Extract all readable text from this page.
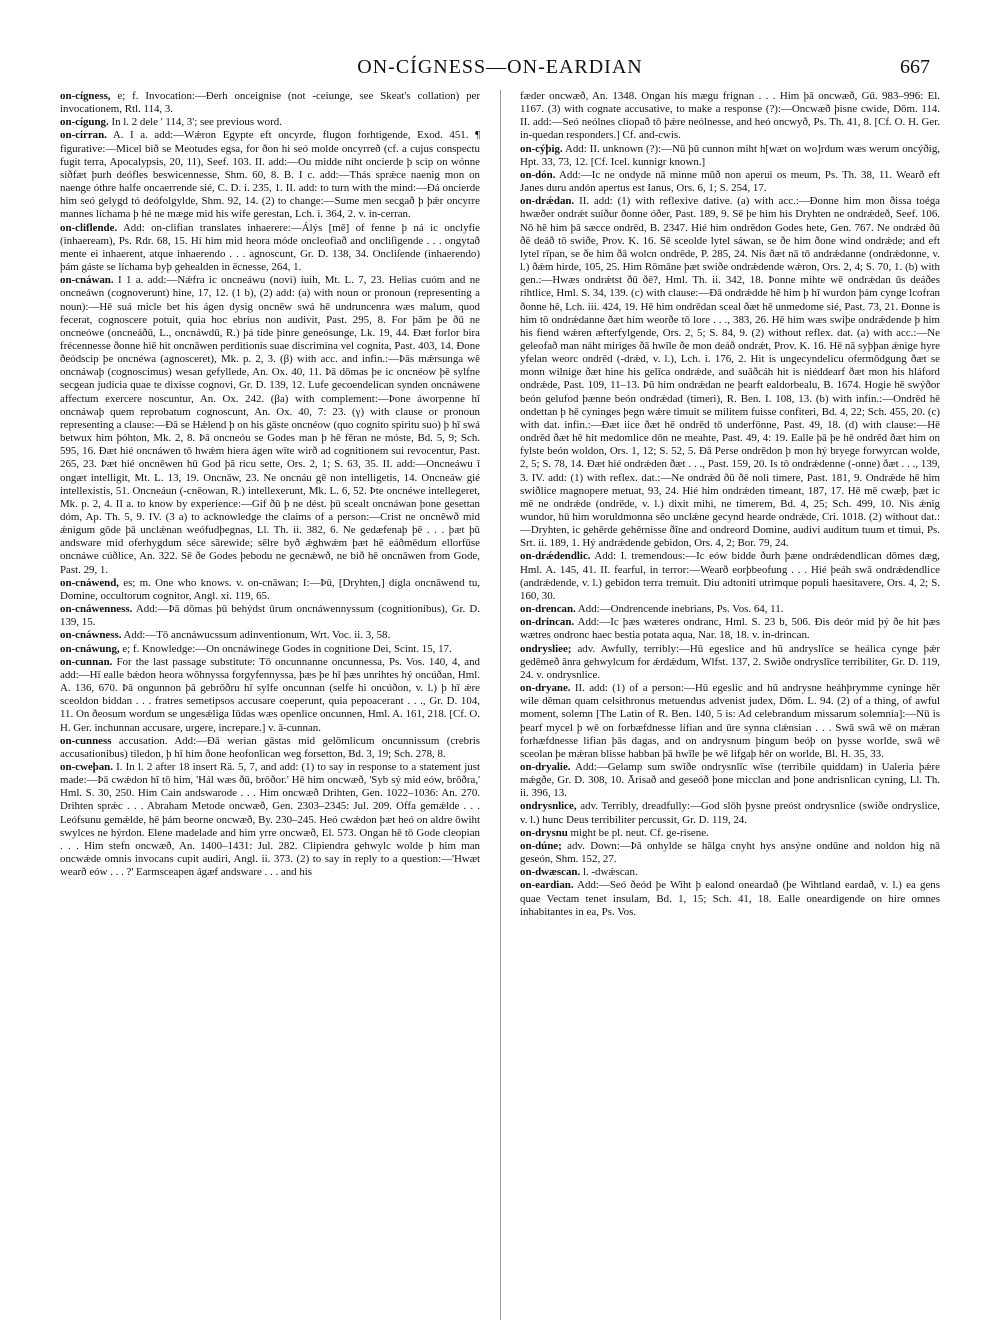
ON-CÍGNESS—ON-EARDIAN	667

on-cígness, e; f. Invocation:—Ðerh onceignise (not -ceiunge, see Skeat's collation) per invocationem, Rtl. 114, 3.

on-cígung. In l. 2 dele ' 114, 3'; see previous word.

on-cirran. A. I a. add:—Wǽron Egypte eft oncyrde, flugon forhtigende, Exod. 451. ¶ figurative:—Micel bið se Meotudes egsa, for ðon hi seó molde oncyrreð (cf. a cujus conspectu fugit terra, Apocalypsis, 20, 11), Seef. 103. II. add:—Ou midde niht oncierde þ scip on wónne síðfæt þurh deófles beswicennesse, Shm. 60, 8. B. I c. add:—Thás sprǽce naenig mon on naenge óthre halfe oncaerrende sié, C. D. i. 235, 1. II. add: to turn with the mind:—Ðá oncierde him seó gelygd tó deófolgylde, Shm. 92, 14. (2) to change:—Sume men secgað þ þǽr oncyrre mannes líchama þ hé ne mæge mid his wífe gerestan, Lch. i. 364, 2. v. in-cerran.

on-cliflende. Add: on-clifian translates inhaerere:—Álýs [mē] of fenne þ ná ic onclyfie (inhaeream), Ps. Rdr. 68, 15. Hí him mid heora móde oncleofiað and oncliſigende . . . ongytað mente ei inhaerent, atque inhaerendo . . . agnoscunt, Gr. D. 138, 34. Oncliſende (inhaerendo) þám gáste se líchama byþ gehealden in ēcnesse, 264, 1.

on-cnáwan. I 1 a. add:—Nǽfra ic oncneáwu (novi) iuih, Mt. L. 7, 23. Helias cuóm and ne oncneáwn (cognoverunt) hine, 17, 12. (1 b), (2) add: (a) with noun or pronoun (representing a noun):—Hē suá micle bet his ágen dysig oncnēw swá hē undruncenra wæs malum, quod fecerat, cognoscere potuit, quia hoc ebrius non audivit, Past. 295, 8. For þām þe ðū ne oncneówe (oncneáðū, L., oncnáwdū, R.) þá tíde þinre geneósunge, Lk. 19, 44. Ðæt forlor bira frécennesse ðonne hiē hit oncnāwen perditionis suae discrimina vel cognita, Past. 403, 14. Ðone ðeódscip þe oncnéwa (agnosceret), Mk. p. 2, 3. (β) with acc. and infin.:—Þās mǽrsunga wē oncnáwaþ (cognoscimus) wesan gefyllede, An. Ox. 40, 11. Þā dōmas þe ic oncnéow þē sylfne secgean judicia quae te dixisse cognovi, Gr. D. 139, 12. Lufe gecoendelican synden oncnáwene affectum exercere noscuntur, An. Ox. 242. (βa) with complement:—Þone áworpenne hī oncnáwaþ quem reprobatum cognoscunt, An. Ox. 40, 7: 23. (γ) with clause or pronoun representing a clause:—Ðā se Hǽlend þ on his gāste oncnéow (quo cognito spiritu suo) þ hī swá betwux him þóhton, Mk. 2, 8. Þā oncneóu se Godes man þ hē fēran ne móste, Bd. 5, 9; Sch. 595, 16. Ðæt hié oncnáwen tō hwǽm hiera ágen wīte wirð ad cognitionem sui revocentur, Past. 265, 23. Þæt hié oncnēwen hū God þā ricu sette, Ors. 2, 1; S. 63, 35. II. add:—Oncneáwu ī ongæt intelligit, Mt. L. 13, 19. Oncnāw, 23. Ne oncnáu gē non intelligetis, 14. Oncneáw gié intellexistis, 51. Oncneáun (-cnēowan, R.) intellexerunt, Mk. L. 6, 52. Þte oncnéwe intellegeret, Mk. p. 2, 4. II a. to know by experience:—Gif ðū þ ne dést. þū scealt oncnáwan þone gesettan dóm, Ap. Th. 5, 9. IV. (3 a) to acknowledge the claims of a person:—Crist ne oncnēwð mid ǽnigum gōde þā unclǽnan weófudþegnas, Ll. Th. ii. 382, 6. Ne gedæfenaþ þē . . . þæt þū andsware mid oferhygdum séce sārewide; sēlre byð ǽghwǽm þæt hē eáðmēdum ellorfūse oncnáwe cúðlice, An. 322. Sē ðe Godes þebodu ne gecnǽwð, ne bið hē oncnāwen from Gode, Past. 29, 1.

on-cnáwend, es; m. One who knows. v. on-cnāwan; I:—Þū, [Dryhten,] dígla oncnāwend tu, Domine, occultorum cognitor, Angl. xi. 119, 65.

on-cnáwenness. Add:—Þā dōmas þū behýdst ūrum oncnáwennyssum (cognitionibus), Gr. D. 139, 15.

on-cnáwness. Add:—Tō ancnáwucssum adinventionum, Wrt. Voc. ii. 3, 58.

on-cnáwung, e; f. Knowledge:—On oncnáwinege Godes in cognitione Dei, Scint. 15, 17.

on-cunnan. For the last passage substitute: Tō oncunnanne oncunnessa, Ps. Vos. 140, 4, and add:—Hī ealle bǽdon heora wōhnyssa forgyfennyssa, þæs þe hī þæs unrihtes hý oncúðan, Hml. A. 136, 670. Þā ongunnon þā gebrōðru hī sylfe oncunnan (selfe hi oncúðon, v. l.) þ hī ǽre sceoldon biddan . . . fratres semetipsos accusare coeperunt, quia pepoacerant . . ., Gr. D. 104, 11. On ðeosum wordum se ungesǽliga Iūdas wæs openlice oncunnen, Hml. A. 161, 218. [Cf. O. H. Ger. inchunnan accusare, urgere, increpare.] v. ā-cunnan.

on-cunness accusation. Add:—Ðā werian gāstas mid gelōmlicum oncunnissum (crebris accusationibus) tiledon, þ hī him ðone heofonlican weg forsetton, Bd. 3, 19; Sch. 278, 8.

on-cweþan. I. In l. 2 after 18 insert Rä. 5, 7, and add: (1) to say in response to a statement just made:—Þā cwǽdon hī tō him, 'Hál wæs ðū, brōðor.' Hē him oncwæð, 'Syb sý mid eów, brōðra,' Hml. S. 30, 250. Him Cain andswarode . . . Him oncwæð Drihten, Gen. 1022–1036: An. 270. Drihten sprǽc . . . Abraham Metode oncwæð, Gen. 2303–2345: Jul. 209. Offa gemǽlde . . . Leófsunu gemǽlde, hē þám beorne oncwæð, By. 230–245. Heó cwǽdon þæt heó on aldre ōwiht swylces ne hýrdon. Elene madelade and him yrre oncwæð, El. 573. Ongan hē tō Gode cleopian . . . Him stefn oncwæð, An. 1400–1431: Jul. 282. Clipiendra gehwylc wolde þ him man oncwǽde omnis invocans cupit audiri, Angl. ii. 373. (2) to say in reply to a question:—'Hwæt wearð eów . . . ?' Earmsceapen ágæf andsware . . . and his

fæder oncwæð, An. 1348. Ongan his mægu frignan . . . Him þā oncwæð, Gū. 983–996: El. 1167. (3) with cognate accusative, to make a response (?):—Oncwæð þisne cwide, Dōm. 114. II. add:—Seó neólnes cliopað tō þǽre neólnesse, and heó oncwyð, Ps. Th. 41, 8. [Cf. O. H. Ger. in-quedan responders.] Cf. and-cwis.

on-cýþig. Add: II. unknown (?):—Nū þū cunnon miht h[wæt on wo]rdum wæs werum oncýðig, Hpt. 33, 73, 12. [Cf. Icel. kunnigr known.]

on-dón. Add:—Ic ne ondyde nā minne mūð non aperui os meum, Ps. Th. 38, 11. Wearð eft Janes duru andón apertus est Ianus, Ors. 6, 1; S. 254, 17.

on-drǽdan. II. add: (1) with reflexive dative. (a) with acc.:—Ðonne him mon ðissa toéga hwæðer ondrǽt suíður ðonne óðer, Past. 189, 9. Sē þe him his Dryhten ne ondrǽdeð, Seef. 106. Nō hē him þā sæcce ondrēd, B. 2347. Hié him ondrēdon Godes hete, Gen. 767. Ne ondrǽd ðū ðē deáð tō swiðe, Prov. K. 16. Sē sceolde lytel sáwan, se ðe him ðone wind ondrǽde; and eft lytel rīpan, se ðe him ðā wolcn ondrēde, P. 285, 24. Nis ðæt nā tō andrǽdanne (ondrǽdonne, v. l.) ðǽm hirde, 105, 25. Him Rōmāne þæt swiðe ondrǽdende wǽron, Ors. 2, 4; S. 70, 1. (b) with gen.:—Hwæs ondrǽtst ðū ðē?, Hml. Th. ii. 342, 18. Þonne mihte wē ondrǽdan ūs deáðes rihtlice, Hml. S. 34, 139. (c) with clause:—Ðā ondrǽdde hē him þ hī wurdon þám cynge lcofran ðonne hē, Lch. iii. 424, 19. Hē him ondrēdan sceal ðæt hē unmedome sié, Past. 73, 21. Ðonne is him tō ondrǽdanne ðæt him weorðe tō lore . . ., 383, 26. Hē him wæs swiþe ondrǽdende þ him his fiend wǽren æfterfylgende, Ors. 2, 5; S. 84, 9. (2) without reflex. dat. (a) with acc.:—Ne geleofað man náht miriges ðā hwīle ðe mon deáð ondrǽt, Prov. K. 16. Hē nā syþþan ǽnige hyre yfelan weorc ondrēd (-drǽd, v. l.), Lch. i. 176, 2. Hit is ungecyndelicu ofermōdgung ðæt se monn wilnige ðæt hine his gelīca ondrǽde, and suāðcáh hit is niéddearf ðæt mon his hláford ondrǽde, Past. 109, 11–13. Þū him ondrǽdan ne þearft ealdorbealu, B. 1674. Hogie hē swýðor beón gelufod þænne beón ondrǽdad (timeri), R. Ben. I. 108, 13. (b) with infin.:—Ondrēd hē ondettan þ hē cyninges þegn wǽre timuit se militem fuisse confiteri, Bd. 4, 22; Sch. 455, 20. (c) with dat. infin.:—Ðæt iice ðæt hē ondrēd tō underfōnne, Past. 49, 18. (d) with clause:—Hē ondrēd ðæt hē hit medomlice dōn ne meahte, Past. 49, 4: 19. Ealle þā þe hē ondrēd ðæt him on fylste beón woldon, Ors. 1, 12; S. 52, 5. Ðā Perse ondrēdon þ mon hý bryege forwyrcan wolde, 2, 5; S. 78, 14. Ðæt hié ondrǽden ðæt . . ., Past. 159, 20. Is tō ondrǽdenne (-onne) ðæt . . ., 139, 3. IV. add: (1) with reflex. dat.:—Ne ondrǽd ðū ðē noli timere, Past. 181, 9. Ondrǽde hē him swiðlice magnopere metuat, 93, 24. Hié him ondrǽden timeant, 187, 17. Hē mē cwæþ, þæt ic mē ne ondrǽde (ondrēde, v. l.) dixit mihi, ne timerem, Bd. 4, 25; Sch. 499, 10. Nis ǽnig wundor, hū him woruldmonna sēo unclǽne gecynd hearde ondrǽde, Cri. 1018. (2) without dat.:—Dryhten, ic gehērde gehērnisse ðīne and ondreord Domine, audivi auditum tuum et timui, Ps. Srt. ii. 189, 1. Hý andrǽdende gebidon, Ors. 4, 2; Bor. 79, 24.

on-drǽdendlic. Add: I. tremendous:—Ic eów bidde ðurh þæne ondrǽdendlican dōmes dæg, Hml. A. 145, 41. II. fearful, in terror:—Wearð eorþbeofung . . . Hié þeáh swā ondrǽdendlice (andrǽdende, v. l.) gebidon terra tremuit. Diu adtoniti utrimque populi haesitavere, Ors. 4, 2; S. 160, 30.

on-drencan. Add:—Ondrencende inebrians, Ps. Vos. 64, 11.

on-drincan. Add:—Ic þæs wæteres ondranc, Hml. S. 23 b, 506. Ðis deór mid þý ðe hit þæs wætres ondronc haec bestia potata aqua, Nar. 18, 18. v. in-drincan.

ondrysliee; adv. Awfully, terribly:—Hū egeslice and hū andryslīce se heálica cynge þǽr gedēmeð ānra gehwylcum for ǽrdǽdum, Wlfst. 137, 2. Swiðe ondryslīce terribiliter, Gr. D. 119, 24. v. ondrysnlice.

on-dryane. II. add: (1) of a person:—Hū egeslic and hū andrysne heáhþrymme cyninge hēr wile dēman quam celsithronus metuendus advenist judex, Dōm. L. 94. (2) of a thing, of awful moment, solemn [The Latin of R. Ben. 140, 5 is: Ad celebrandum missarum solemnia]:—Nū is þearf mycel þ wē on forbæfdnesse lífian and ūre synna clǽnsian . . . Swā swā wē on mǽran forhæfdnesse lifian þās dagas, and on andrysnum þingum beóþ on þysse worlde, swā wē sceolan þe mǽran blisse habban þā hwīle þe wē lifgaþ hēr on worlde, Bl. H. 35, 33.

on-dryalie. Add:—Gelamp sum swīðe ondrysnlīc wīse (terribile quiddam) in Ualeria þǽre mǽgðe, Gr. D. 308, 10. Ārisað and geseóð þone micclan and þone andrisnlican cyning, Ll. Th. ii. 396, 13.

ondrysnlice, adv. Terribly, dreadfully:—God slōh þysne preóst ondrysnlice (swiðe ondryslice, v. l.) hunc Deus terribiliter percussit, Gr. D. 119, 24.

on-drysnu might be pl. neut. Cf. ge-risene.

on-dúne; adv. Down:—Þā onhylde se hālga cnyht hys ansýne ondūne and noldon hig nā geseón, Shm. 152, 27.

on-dwæscan. l. -dwǽscan.

on-eardian. Add:—Seó ðeód þe Wiht þ ealond oneardað (þe Wihtland eardað, v. l.) ea gens quae Vectam tenet insulam, Bd. 1, 15; Sch. 41, 18. Ealle oneardigende on hire omnes inhabitantes in ea, Ps. Vos.
